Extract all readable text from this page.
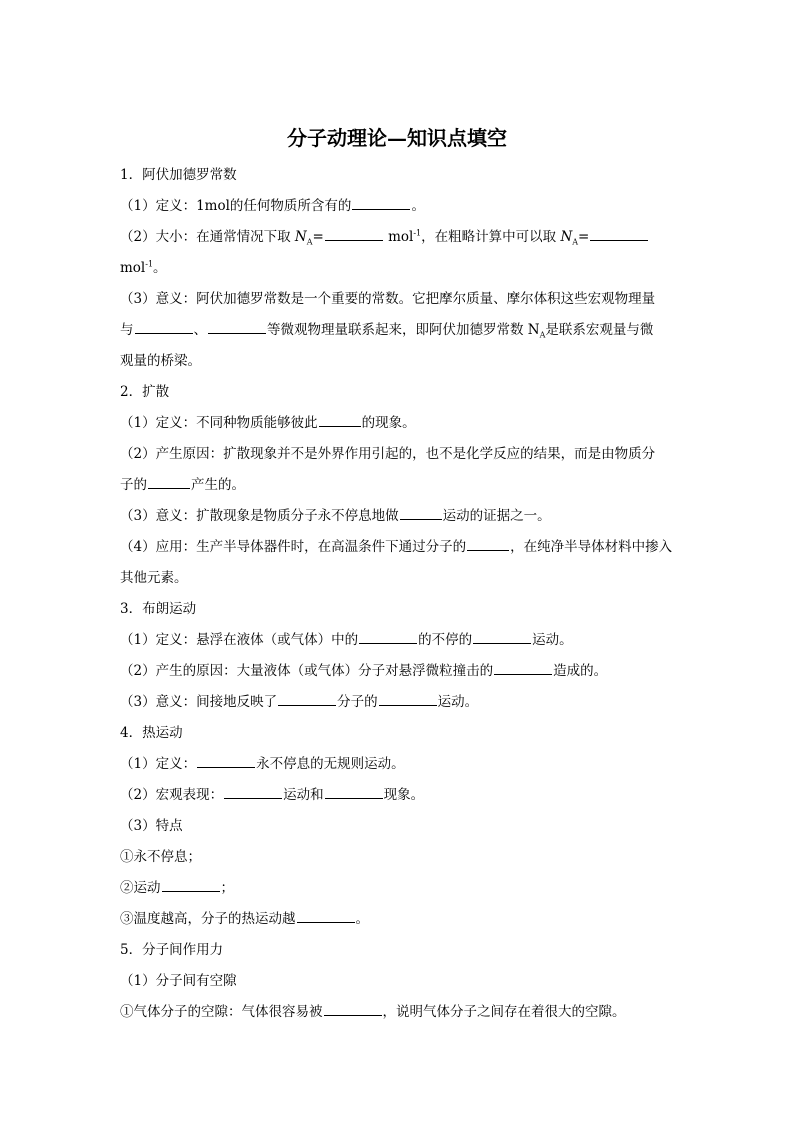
分子动理论—知识点填空
1．阿伏加德罗常数
（1）定义：1mol的任何物质所含有的	。
（2）大小：在通常情况下取 $N_A=$	mol$^{-1}$，在粗略计算中可以取 $N_A=$
mol$^{-1}$。
（3）意义：阿伏加德罗常数是一个重要的常数。它把摩尔质量、摩尔体积这些宏观物理量
与	、	等微观物理量联系起来，即阿伏加德罗常数 $N_A$是联系宏观量与微
观量的桥梁。
2．扩散
（1）定义：不同种物质能够彼此	的现象。
（2）产生原因：扩散现象并不是外界作用引起的，也不是化学反应的结果，而是由物质分
子的	产生的。
（3）意义：扩散现象是物质分子永不停息地做	运动的证据之一。
（4）应用：生产半导体器件时，在高温条件下通过分子的	，在纯净半导体材料中掺入
其他元素。
3．布朗运动
（1）定义：悬浮在液体（或气体）中的	的不停的	运动。
（2）产生的原因：大量液体（或气体）分子对悬浮微粒撞击的	造成的。
（3）意义：间接地反映了	分子的	运动。
4．热运动
（1）定义：	永不停息的无规则运动。
（2）宏观表现：	运动和	现象。
（3）特点
①永不停息；
②运动	；
③温度越高，分子的热运动越	。
5．分子间作用力
（1）分子间有空隙
①气体分子的空隙：气体很容易被	，说明气体分子之间存在着很大的空隙。
